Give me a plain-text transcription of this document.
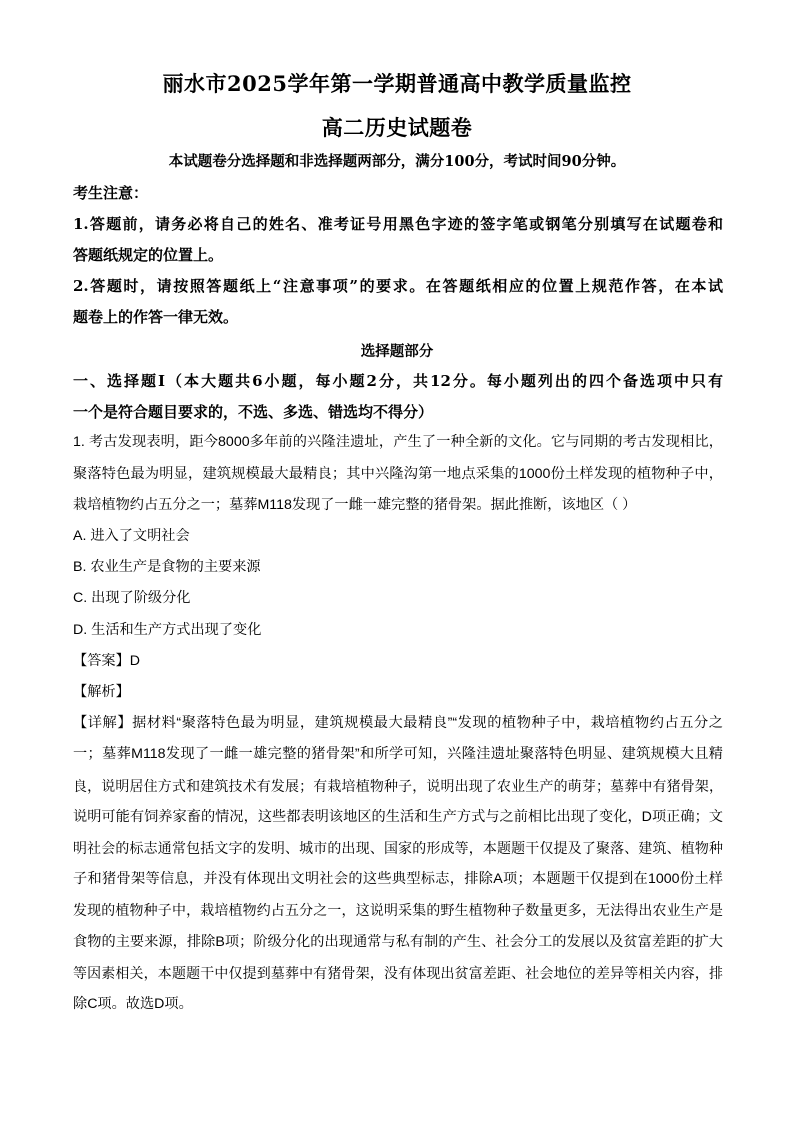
丽水市2025学年第一学期普通高中教学质量监控
高二历史试题卷
本试题卷分选择题和非选择题两部分，满分100分，考试时间90分钟。
考生注意：
1.答题前，请务必将自己的姓名、准考证号用黑色字迹的签字笔或钢笔分别填写在试题卷和
答题纸规定的位置上。
2.答题时，请按照答题纸上“注意事项”的要求。在答题纸相应的位置上规范作答，在本试
题卷上的作答一律无效。
选择题部分
一、选择题Ⅰ（本大题共6小题，每小题2分，共12分。每小题列出的四个备选项中只有
一个是符合题目要求的，不选、多选、错选均不得分）
1. 考古发现表明，距今8000多年前的兴隆洼遗址，产生了一种全新的文化。它与同期的考古发现相比，
聚落特色最为明显，建筑规模最大最精良；其中兴隆沟第一地点采集的1000份土样发现的植物种子中，
栽培植物约占五分之一；墓葬M118发现了一雌一雄完整的猪骨架。据此推断，该地区（ ）
A. 进入了文明社会
B. 农业生产是食物的主要来源
C. 出现了阶级分化
D. 生活和生产方式出现了变化
【答案】D
【解析】
【详解】据材料“聚落特色最为明显，建筑规模最大最精良”“发现的植物种子中，栽培植物约占五分之
一；墓葬M118发现了一雌一雄完整的猪骨架”和所学可知，兴隆洼遗址聚落特色明显、建筑规模大且精
良，说明居住方式和建筑技术有发展；有栽培植物种子，说明出现了农业生产的萌芽；墓葬中有猪骨架，
说明可能有饲养家畜的情况，这些都表明该地区的生活和生产方式与之前相比出现了变化，D项正确；文
明社会的标志通常包括文字的发明、城市的出现、国家的形成等，本题题干仅提及了聚落、建筑、植物种
子和猪骨架等信息，并没有体现出文明社会的这些典型标志，排除A项；本题题干仅提到在1000份土样
发现的植物种子中，栽培植物约占五分之一，这说明采集的野生植物种子数量更多，无法得出农业生产是
食物的主要来源，排除B项；阶级分化的出现通常与私有制的产生、社会分工的发展以及贫富差距的扩大
等因素相关，本题题干中仅提到墓葬中有猪骨架，没有体现出贫富差距、社会地位的差异等相关内容，排
除C项。故选D项。
